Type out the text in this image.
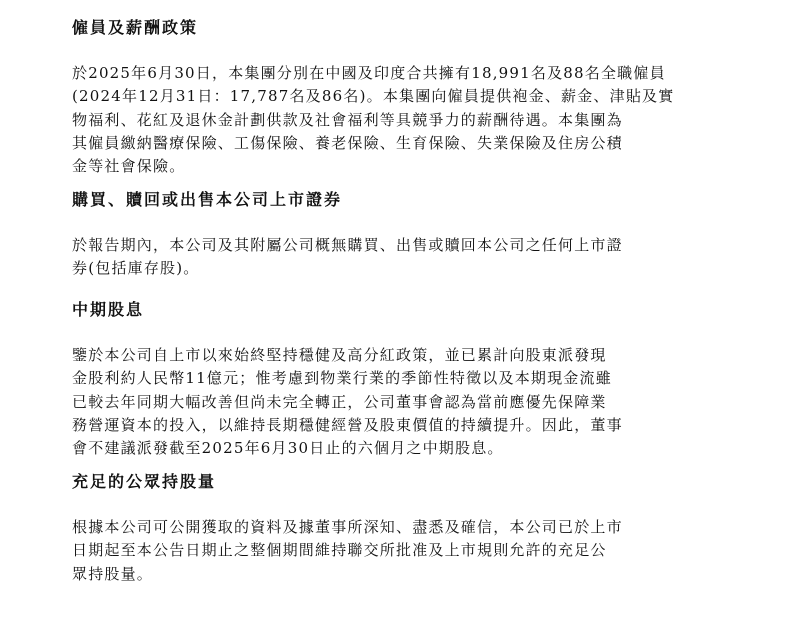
僱員及薪酬政策

於2025年6月30日，本集團分別在中國及印度合共擁有18,991名及88名全職僱員
(2024年12月31日：17,787名及86名)。本集團向僱員提供袍金、薪金、津貼及實
物福利、花紅及退休金計劃供款及社會福利等具競爭力的薪酬待遇。本集團為
其僱員繳納醫療保險、工傷保險、養老保險、生育保險、失業保險及住房公積
金等社會保險。

購買、贖回或出售本公司上市證券

於報告期內，本公司及其附屬公司概無購買、出售或贖回本公司之任何上市證
券(包括庫存股)。

中期股息

鑒於本公司自上市以來始終堅持穩健及高分紅政策，並已累計向股東派發現
金股利約人民幣11億元；惟考慮到物業行業的季節性特徵以及本期現金流雖
已較去年同期大幅改善但尚未完全轉正，公司董事會認為當前應優先保障業
務營運資本的投入，以維持長期穩健經營及股東價值的持續提升。因此，董事
會不建議派發截至2025年6月30日止的六個月之中期股息。

充足的公眾持股量

根據本公司可公開獲取的資料及據董事所深知、盡悉及確信，本公司已於上市
日期起至本公告日期止之整個期間維持聯交所批准及上市規則允許的充足公
眾持股量。
